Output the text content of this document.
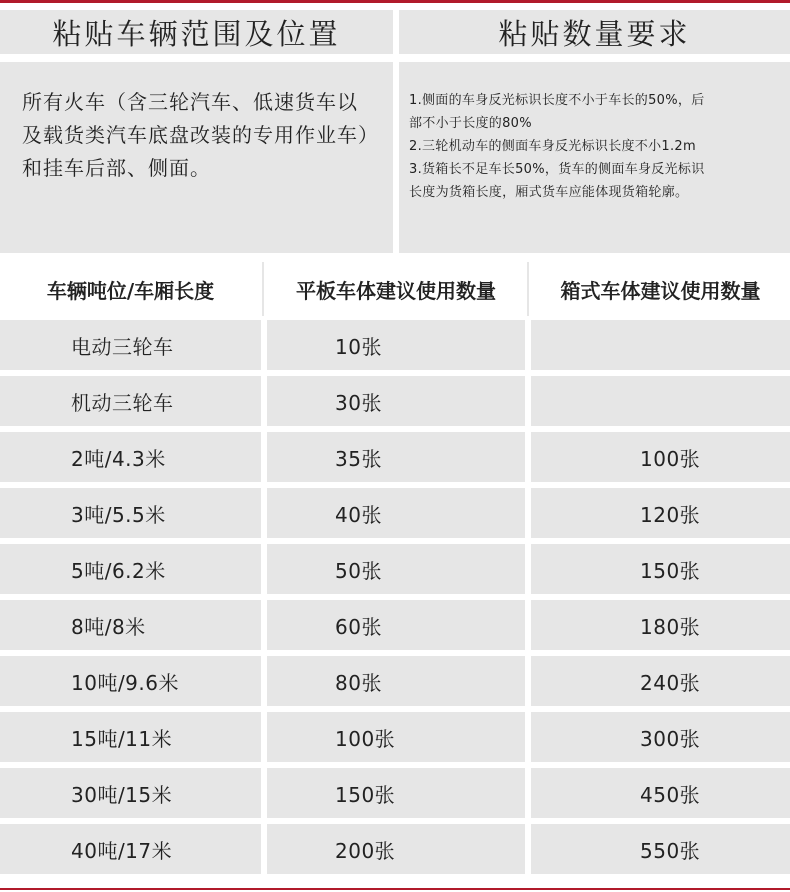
粘贴车辆范围及位置	粘贴数量要求
所有火车（含三轮汽车、低速货车以及载货类汽车底盘改装的专用作业车）和挂车后部、侧面。
1.侧面的车身反光标识长度不小于车长的50%，后
部不小于长度的80%
2.三轮机动车的侧面车身反光标识长度不小1.2m
3.货箱长不足车长50%，货车的侧面车身反光标识
长度为货箱长度，厢式货车应能体现货箱轮廓。
车辆吨位/车厢长度	平板车体建议使用数量	箱式车体建议使用数量
电动三轮车	10张
机动三轮车	30张
2吨/4.3米	35张	100张
3吨/5.5米	40张	120张
5吨/6.2米	50张	150张
8吨/8米	60张	180张
10吨/9.6米	80张	240张
15吨/11米	100张	300张
30吨/15米	150张	450张
40吨/17米	200张	550张
